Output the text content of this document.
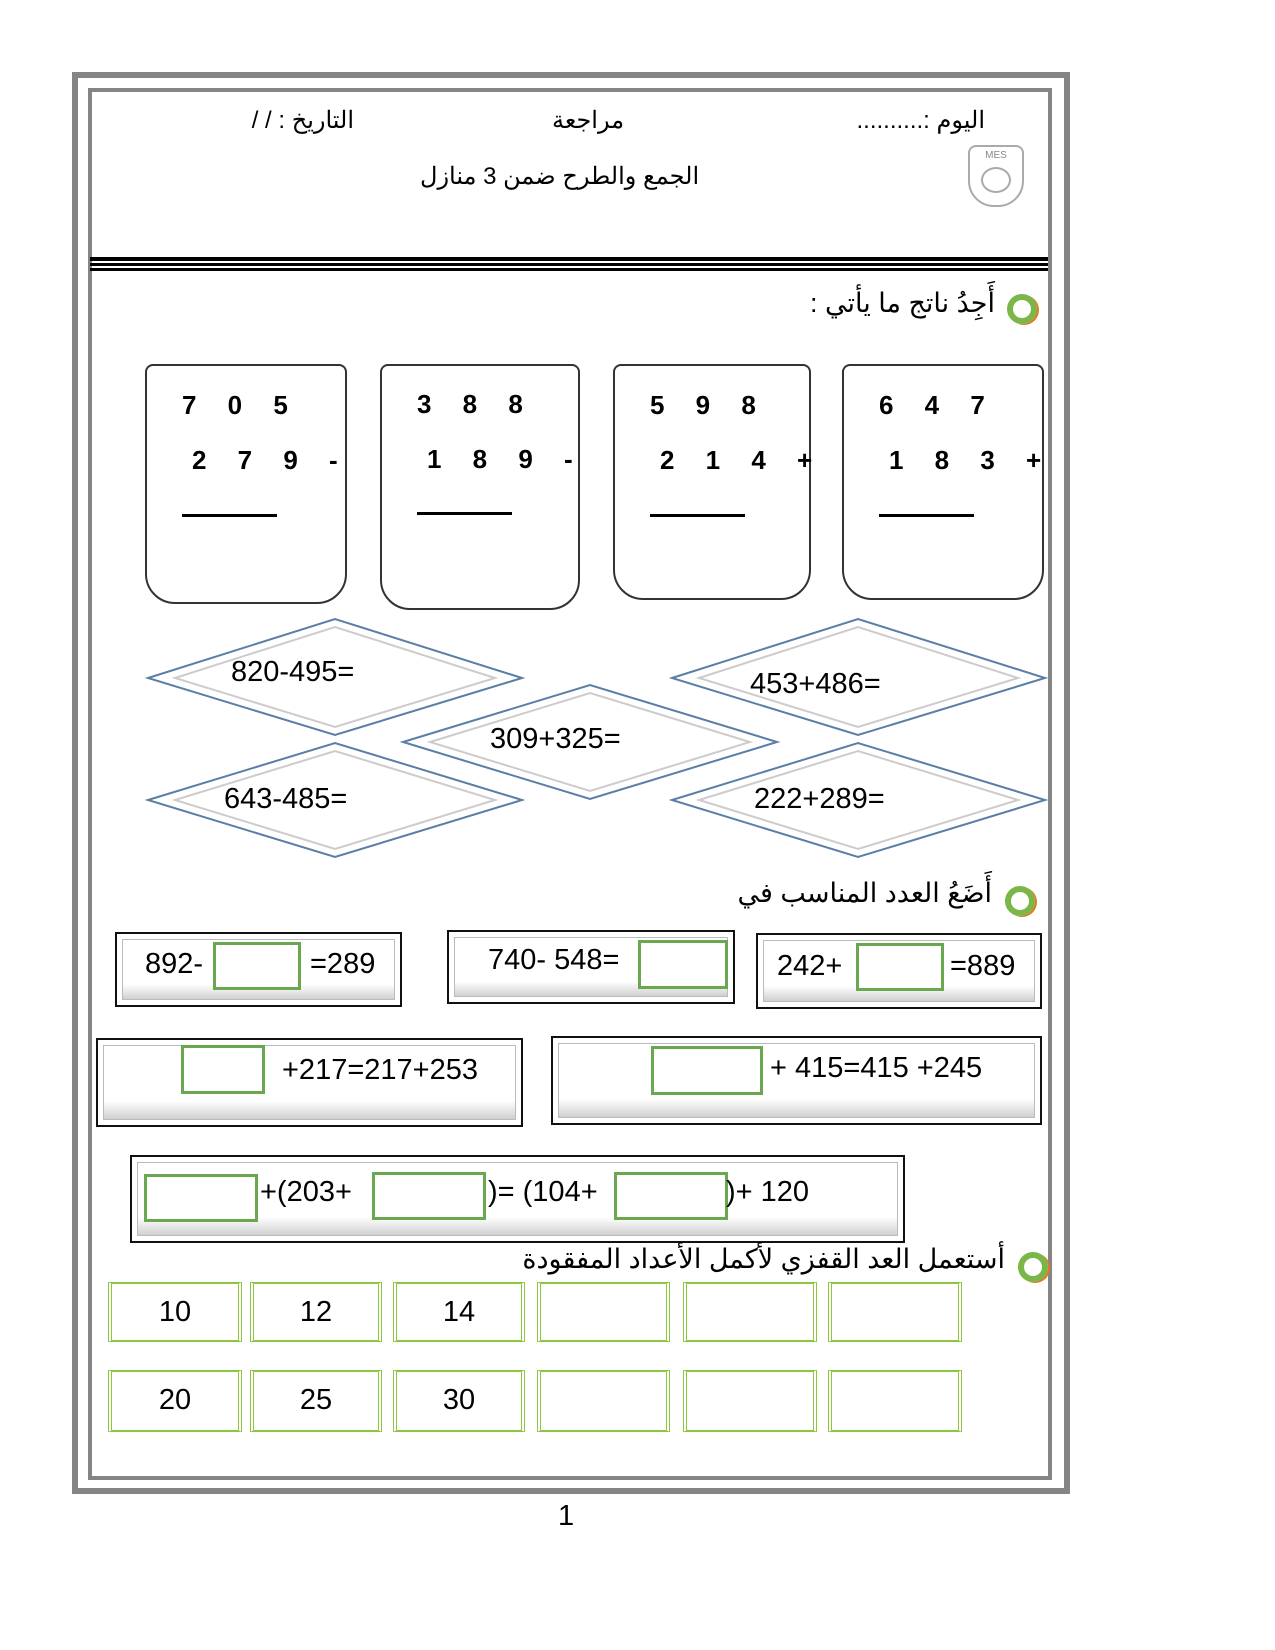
اليوم :..........
مراجعة
التاريخ : / /
الجمع والطرح ضمن 3 منازل
MES
أَجِدُ ناتج ما يأتي :
7 0 5
2 7 9 -
3 8 8
1 8 9 -
5 9 8
2 1 4 +
6 4 7
1 8 3 +
820-495=
309+325=
453+486=
643-485=	222+289=
أَضَعُ العدد المناسب في
892-	=289	740- 548=	242+	=889
+217=217+253	+ 415=415 +245
+(203+	)= (104+	)+ 120
أستعمل العد القفزي لأكمل الأعداد المفقودة
10	12	14
20	25	30
1
